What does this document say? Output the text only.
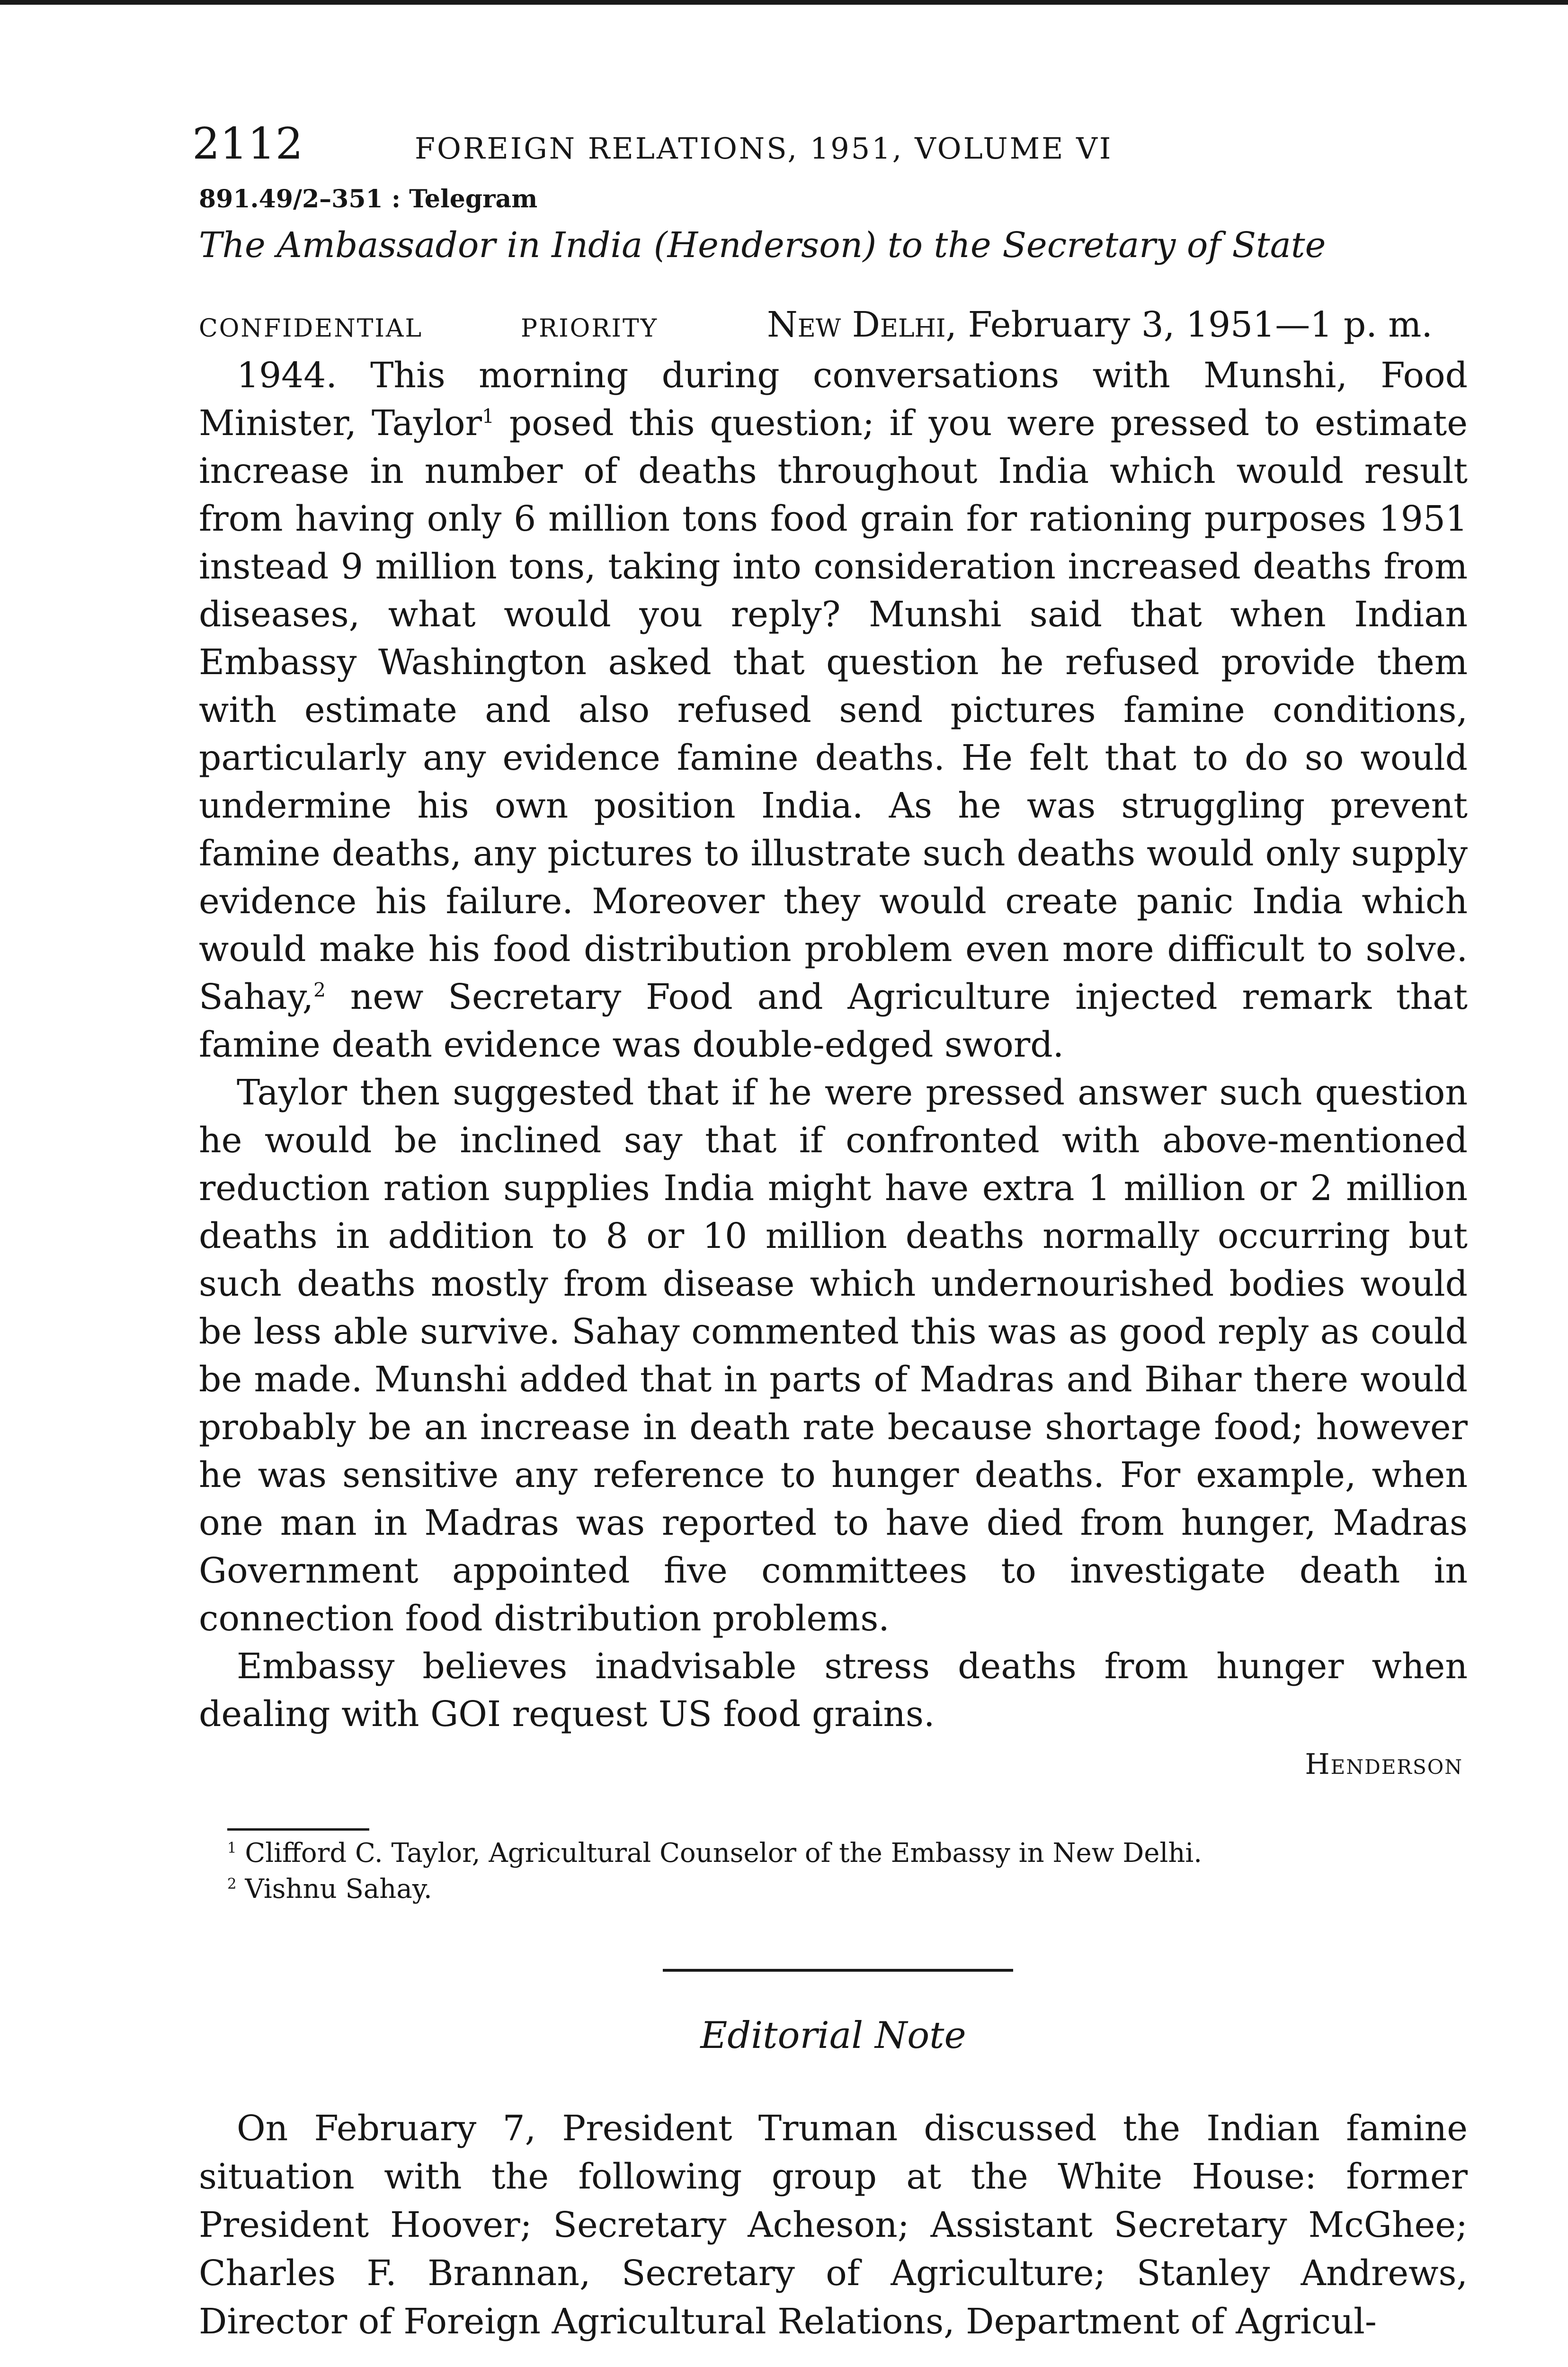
2112	FOREIGN RELATIONS, 1951, VOLUME VI
891.49/2–351 : Telegram
The Ambassador in India (Henderson) to the Secretary of State
CONFIDENTIAL	PRIORITY	New Delhi,
February 3, 1951—1 p. m.

1944. This morning during conversations with Munshi, Food Minister, Taylor$^1$ posed this question; if you were pressed to estimate increase in number of deaths throughout India which would result from having only 6 million tons food grain for rationing purposes 1951 instead 9 million tons, taking into consideration increased deaths from diseases, what would you reply? Munshi said that when Indian Embassy Washington asked that question he refused provide them with estimate and also refused send pictures famine conditions, particularly any evidence famine deaths. He felt that to do so would undermine his own position India. As he was struggling prevent famine deaths, any pictures to illustrate such deaths would only supply evidence his failure. Moreover they would create panic India which would make his food distribution problem even more difficult to solve. Sahay,$^2$ new Secretary Food and Agriculture injected remark that famine death evidence was double-edged sword.

Taylor then suggested that if he were pressed answer such question he would be inclined say that if confronted with above-mentioned reduction ration supplies India might have extra 1 million or 2 million deaths in addition to 8 or 10 million deaths normally occurring but such deaths mostly from disease which undernourished bodies would be less able survive. Sahay commented this was as good reply as could be made. Munshi added that in parts of Madras and Bihar there would probably be an increase in death rate because shortage food; however he was sensitive any reference to hunger deaths. For example, when one man in Madras was reported to have died from hunger, Madras Government appointed five committees to investigate death in connection food distribution problems.

Embassy believes inadvisable stress deaths from hunger when dealing with GOI request US food grains.

Henderson
$^1$ Clifford C. Taylor, Agricultural Counselor of the Embassy in New Delhi.
$^2$ Vishnu Sahay.
Editorial Note

On February 7, President Truman discussed the Indian famine situation with the following group at the White House: former President Hoover; Secretary Acheson; Assistant Secretary McGhee; Charles F. Brannan, Secretary of Agriculture; Stanley Andrews, Director of Foreign Agricultural Relations, Department of Agricul-
